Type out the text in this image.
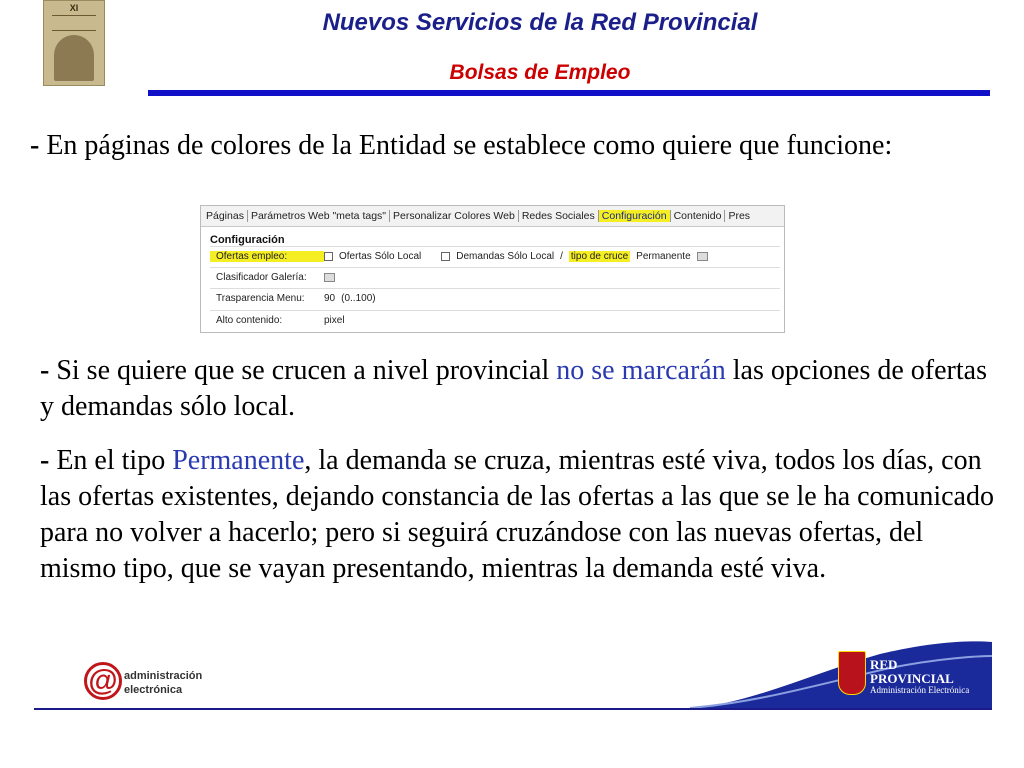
XI
Nuevos Servicios de la Red Provincial
Bolsas de Empleo
- En páginas de colores de la Entidad se establece como quiere que funcione:
Páginas Parámetros Web "meta tags" Personalizar Colores Web Redes Sociales Configuración Contenido Pres
Configuración
Ofertas empleo:	Ofertas Sólo Local	Demandas Sólo Local / tipo de cruce Permanente
Clasificador Galería:
Trasparencia Menu:	90 (0..100)
Alto contenido:	pixel
- Si se quiere que se crucen a nivel provincial no se marcarán las opciones de ofertas y demandas sólo local.
- En el tipo Permanente, la demanda se cruza, mientras esté viva, todos los días, con las ofertas existentes, dejando constancia de las ofertas a las que se le ha comunicado para no volver a hacerlo; pero si seguirá cruzándose con las nuevas ofertas, del mismo tipo, que se vayan presentando, mientras la demanda esté viva.
@ administración
electrónica
RED
PROVINCIAL
Administración Electrónica
